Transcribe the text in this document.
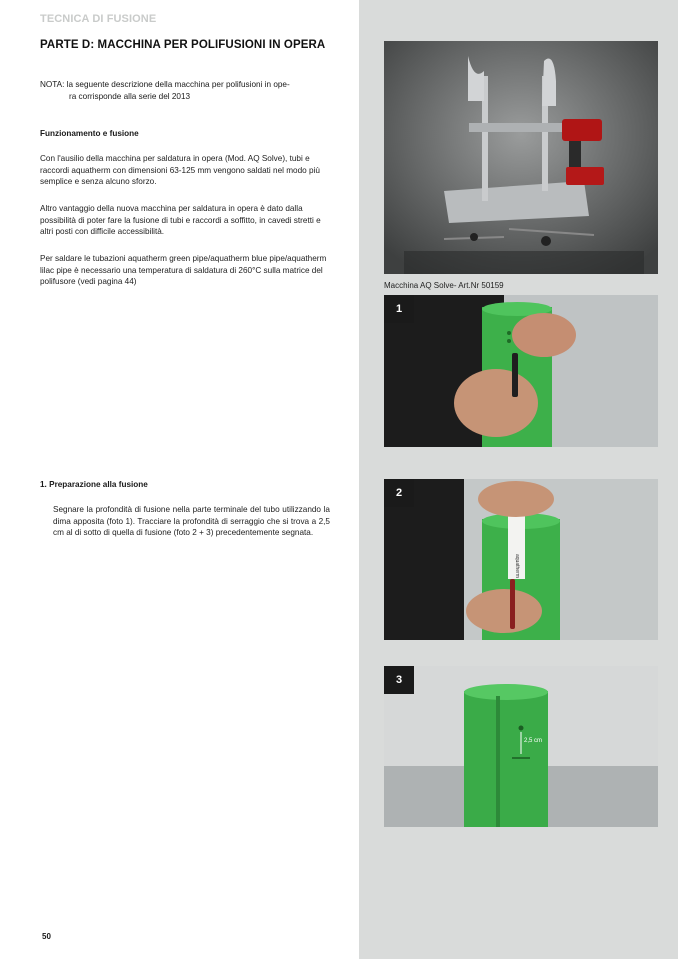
TECNICA DI FUSIONE
PARTE D: MACCHINA PER POLIFUSIONI IN OPERA
NOTA: la seguente descrizione della macchina per polifusioni in ope-
ra corrisponde alla serie del 2013
Funzionamento e fusione
Con l'ausilio della macchina per saldatura in opera (Mod. AQ Solve), tubi e raccordi aquatherm con dimensioni 63-125 mm vengono saldati nel modo più semplice e senza alcuno sforzo.
Altro vantaggio della nuova macchina per saldatura in opera è dato dalla possibilità di poter fare la fusione di tubi e raccordi a soffitto, in cavedi stretti e altri posti con difficile accessibilità.
Per saldare le tubazioni aquatherm green pipe/aquatherm blue pipe/aquatherm lilac pipe è necessario una temperatura di saldatura di 260°C sulla matrice del polifusore (vedi pagina 44)
1. Preparazione alla fusione
Segnare la profondità di fusione nella parte terminale del tubo utilizzando la dima apposita (foto 1). Tracciare la profondità di serraggio che si trova a 2,5 cm al di sotto di quella di fusione (foto 2 + 3) precedentemente segnata.
Macchina AQ Solve- Art.Nr 50159
1
aquatherm
2
2,5 cm
3
50
